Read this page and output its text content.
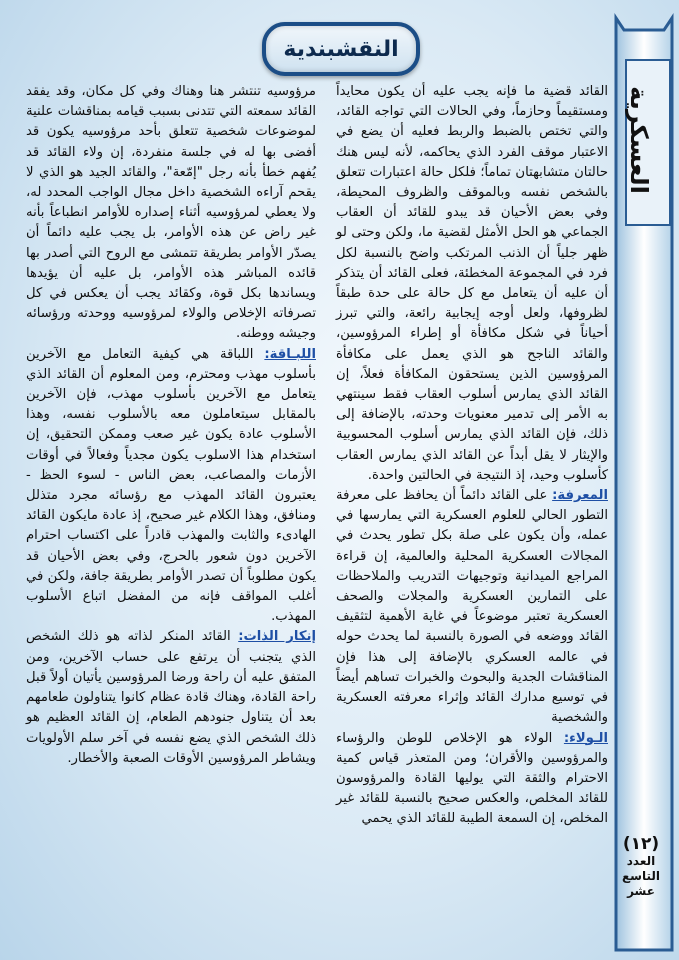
العسكرية
(١٢)
العدد
التاسع
عشر
النقشبندية

القائد قضية ما فإنه يجب عليه أن يكون محايداً ومستقيماً وحازماً، وفي الحالات التي تواجه القائد، والتي تختص بالضبط والربط فعليه أن يضع في الاعتبار موقف الفرد الذي يحاكمه، لأنه ليس هنك حالتان متشابهتان تماماً؛ فلكل حالة اعتبارات تتعلق بالشخص نفسه وبالموقف والظروف المحيطة، وفي بعض الأحيان قد يبدو للقائد أن العقاب الجماعي هو الحل الأمثل لقضية ما، ولكن وحتى لو ظهر جلياً أن الذنب المرتكب واضح بالنسبة لكل فرد في المجموعة المخطئة، فعلى القائد أن يتذكر أن عليه أن يتعامل مع كل حالة على حدة طبقاً لظروفها، ولعل أوجه إيجابية رائعة، والتي تبرز أحياناً في شكل مكافأة أو إطراء المرؤوسين، والقائد الناجح هو الذي يعمل على مكافأة المرؤوسين الذين يستحقون المكافأة فعلاً، إن القائد الذي يمارس أسلوب العقاب فقط سينتهي به الأمر إلى تدمير معنويات وحدته، بالإضافة إلى ذلك، فإن القائد الذي يمارس أسلوب المحسوبية والإيثار لا يقل أبداً عن القائد الذي يمارس العقاب كأسلوب وحيد، إذ النتيجة في الحالتين واحدة.

المعرفة: على القائد دائماً أن يحافظ على معرفة التطور الحالي للعلوم العسكرية التي يمارسها في عمله، وأن يكون على صلة بكل تطور يحدث في المجالات العسكرية المحلية والعالمية، إن قراءة المراجع الميدانية وتوجيهات التدريب والملاحظات على التمارين العسكرية والمجلات والصحف العسكرية تعتبر موضوعاً في غاية الأهمية لتثقيف القائد ووضعه في الصورة بالنسبة لما يحدث حوله في عالمه العسكري بالإضافة إلى هذا فإن المناقشات الجدية والبحوث والخبرات تساهم أيضاً في توسيع مدارك القائد وإثراء معرفته العسكرية والشخصية

الـولاء: الولاء هو الإخلاص للوطن والرؤساء والمرؤوسين والأقران؛ ومن المتعذر قياس كمية الاحترام والثقة التي يوليها القادة والمرؤوسون للقائد المخلص، والعكس صحيح بالنسبة للقائد غير المخلص، إن السمعة الطيبة للقائد الذي يحمي

مرؤوسيه تنتشر هنا وهناك وفي كل مكان، وقد يفقد القائد سمعته التي تتدنى بسبب قيامه بمناقشات علنية لموضوعات شخصية تتعلق بأحد مرؤوسيه يكون قد أفضى بها له في جلسة منفردة، إن ولاء القائد قد يُفهم خطأ بأنه رجل "إمّعة"، والقائد الجيد هو الذي لا يقحم آراءه الشخصية داخل مجال الواجب المحدد له، ولا يعطي لمرؤوسيه أثناء إصداره للأوامر انطباعاً بأنه غير راض عن هذه الأوامر، بل يجب عليه دائماً أن يصدّر الأوامر بطريقة تتمشى مع الروح التي أصدر بها قائده المباشر هذه الأوامر، بل عليه أن يؤيدها ويساندها بكل قوة، وكقائد يجب أن يعكس في كل تصرفاته الإخلاص والولاء لمرؤوسيه ووحدته ورؤسائه وجيشه ووطنه.

اللبـاقة: اللباقة هي كيفية التعامل مع الآخرين بأسلوب مهذب ومحترم، ومن المعلوم أن القائد الذي يتعامل مع الآخرين بأسلوب مهذب، فإن الآخرين بالمقابل سيتعاملون معه بالأسلوب نفسه، وهذا الأسلوب عادة يكون غير صعب وممكن التحقيق، إن استخدام هذا الاسلوب يكون مجدياً وفعالاً في أوقات الأزمات والمصاعب، بعض الناس - لسوء الحظ - يعتبرون القائد المهذب مع رؤسائه مجرد متذلل ومنافق، وهذا الكلام غير صحيح، إذ عادة مايكون القائد الهادىء والثابت والمهذب قادراً على اكتساب احترام الآخرين دون شعور بالحرج، وفي بعض الأحيان قد يكون مطلوباً أن تصدر الأوامر بطريقة جافة، ولكن في أغلب المواقف فإنه من المفضل اتباع الأسلوب المهذب.

إنكار الذات: القائد المنكر لذاته هو ذلك الشخص الذي يتجنب أن يرتفع على حساب الآخرين، ومن المتفق عليه أن راحة ورضا المرؤوسين يأتيان أولاً قبل راحة القادة، وهناك قادة عظام كانوا يتناولون طعامهم بعد أن يتناول جنودهم الطعام، إن القائد العظيم هو ذلك الشخص الذي يضع نفسه في آخر سلم الأولويات ويشاطر المرؤوسين الأوقات الصعبة والأخطار.
